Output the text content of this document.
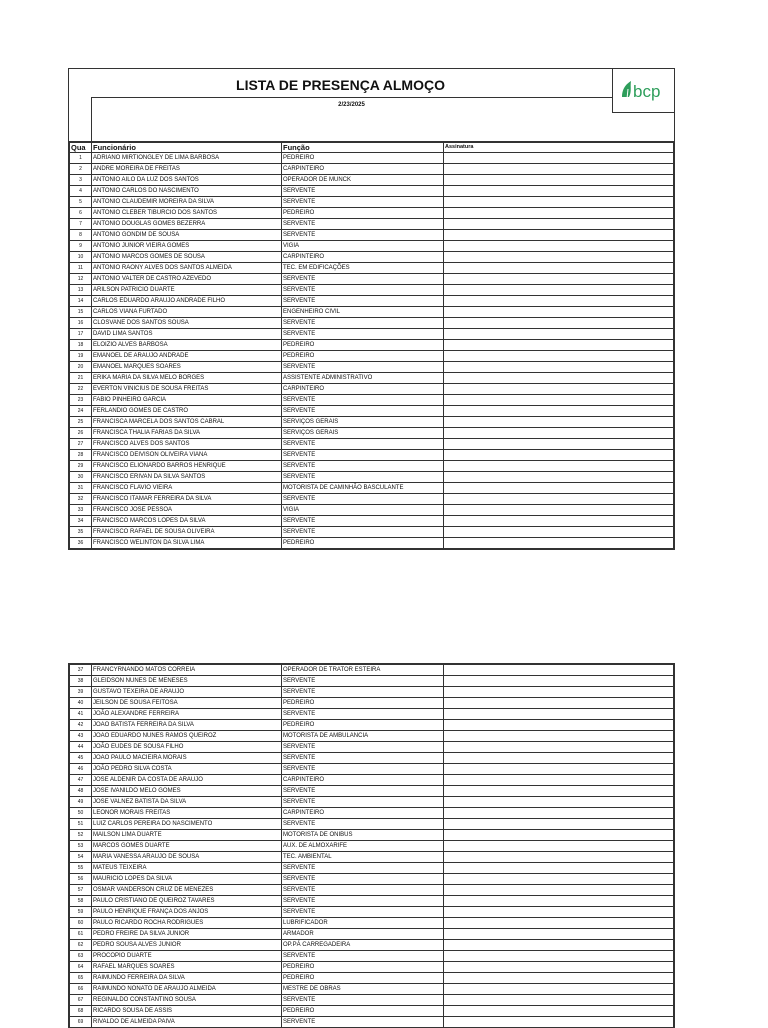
LISTA DE PRESENÇA ALMOÇO	bcp
2/23/2025
Qua	Funcionário	Função	Assinatura
1	ADRIANO MIRTIONGLEY DE LIMA BARBOSA	PEDREIRO	
2	ANDRE MOREIRA DE FREITAS	CARPINTEIRO	
3	ANTONIO AILO DA LUZ DOS SANTOS	OPERADOR DE MUNCK	
4	ANTONIO CARLOS DO NASCIMENTO	SERVENTE	
5	ANTONIO CLAUDEMIR MOREIRA DA SILVA	SERVENTE	
6	ANTONIO CLEBER TIBURCIO DOS SANTOS	PEDREIRO	
7	ANTONIO DOUGLAS GOMES BEZERRA	SERVENTE	
8	ANTONIO GONDIM DE SOUSA	SERVENTE	
9	ANTONIO JUNIOR VIEIRA GOMES	VIGIA	
10	ANTONIO MARCOS GOMES DE SOUSA	CARPINTEIRO	
11	ANTONIO RAONY ALVES DOS SANTOS ALMEIDA	TEC. EM EDIFICAÇÕES	
12	ANTONIO VALTER DE CASTRO AZEVEDO	SERVENTE	
13	ARILSON PATRICIO DUARTE	SERVENTE	
14	CARLOS EDUARDO ARAUJO ANDRADE FILHO	SERVENTE	
15	CARLOS VIANA FURTADO	ENGENHEIRO CIVIL	
16	CLOSVANE DOS SANTOS SOUSA	SERVENTE	
17	DAVID LIMA SANTOS	SERVENTE	
18	ELOIZIO ALVES BARBOSA	PEDREIRO	
19	EMANOEL DE ARAUJO ANDRADE	PEDREIRO	
20	EMANOEL MARQUES SOARES	SERVENTE	
21	ERIKA MARIA DA SILVA MELO BORGES	ASSISTENTE ADMINISTRATIVO	
22	EVERTON VINICIUS DE SOUSA FREITAS	CARPINTEIRO	
23	FABIO PINHEIRO GARCIA	SERVENTE	
24	FERLANDIO GOMES DE CASTRO	SERVENTE	
25	FRANCISCA MARCELA DOS SANTOS CABRAL	SERVIÇOS GERAIS	
26	FRANCISCA THALIA FARIAS DA SILVA	SERVIÇOS GERAIS	
27	FRANCISCO ALVES DOS SANTOS	SERVENTE	
28	FRANCISCO DEIVISON OLIVEIRA VIANA	SERVENTE	
29	FRANCISCO ELIONARDO BARROS HENRIQUE	SERVENTE	
30	FRANCISCO ERIVAN DA SILVA SANTOS	SERVENTE	
31	FRANCISCO FLAVIO VIEIRA	MOTORISTA DE CAMINHÃO BASCULANTE	
32	FRANCISCO ITAMAR FERREIRA DA SILVA	SERVENTE	
33	FRANCISCO JOSE PESSOA	VIGIA	
34	FRANCISCO MARCOS LOPES DA SILVA	SERVENTE	
35	FRANCISCO RAFAEL DE SOUSA OLIVEIRA	SERVENTE	
36	FRANCISCO WELINTON DA SILVA LIMA	PEDREIRO	
37	FRANCYRNANDO MATOS CORREIA	OPERADOR DE TRATOR ESTEIRA	
38	GLEIDSON NUNES DE MENESES	SERVENTE	
39	GUSTAVO TEXEIRA DE ARAUJO	SERVENTE	
40	JEILSON DE SOUSA FEITOSA	PEDREIRO	
41	JOÃO ALEXANDRE FERREIRA	SERVENTE	
42	JOAO BATISTA FERREIRA DA SILVA	PEDREIRO	
43	JOAO EDUARDO NUNES RAMOS QUEIROZ	MOTORISTA DE AMBULANCIA	
44	JOÃO EUDES DE SOUSA FILHO	SERVENTE	
45	JOAO PAULO MACIEIRA MORAIS	SERVENTE	
46	JOÃO PEDRO SILVA COSTA	SERVENTE	
47	JOSE ALDENIR DA COSTA DE ARAUJO	CARPINTEIRO	
48	JOSE IVANILDO MELO GOMES	SERVENTE	
49	JOSE VALNEZ BATISTA DA SILVA	SERVENTE	
50	LEONOR MORAIS FREITAS	CARPINTEIRO	
51	LUIZ CARLOS PEREIRA DO NASCIMENTO	SERVENTE	
52	MAILSON LIMA DUARTE	MOTORISTA DE ONIBUS	
53	MARCOS GOMES DUARTE	AUX. DE ALMOXARIFE	
54	MARIA VANESSA ARAUJO DE SOUSA	TEC. AMBIENTAL	
55	MATEUS TEIXEIRA	SERVENTE	
56	MAURICIO LOPES DA SILVA	SERVENTE	
57	OSMAR VANDERSON CRUZ DE MENEZES	SERVENTE	
58	PAULO CRISTIANO DE QUEIROZ TAVARES	SERVENTE	
59	PAULO HENRIQUE FRANÇA DOS ANJOS	SERVENTE	
60	PAULO RICARDO ROCHA RODRIGUES	LUBRIFICADOR	
61	PEDRO FREIRE DA SILVA JUNIOR	ARMADOR	
62	PEDRO SOUSA ALVES JUNIOR	OP.PÁ CARREGADEIRA	
63	PROCOPIO DUARTE	SERVENTE	
64	RAFAEL MARQUES SOARES	PEDREIRO	
65	RAIMUNDO FERREIRA DA SILVA	PEDREIRO	
66	RAIMUNDO NONATO DE ARAUJO ALMEIDA	MESTRE DE OBRAS	
67	REGINALDO CONSTANTINO SOUSA	SERVENTE	
68	RICARDO SOUSA DE ASSIS	PEDREIRO	
69	RIVALDO DE ALMEIDA PAIVA	SERVENTE	
